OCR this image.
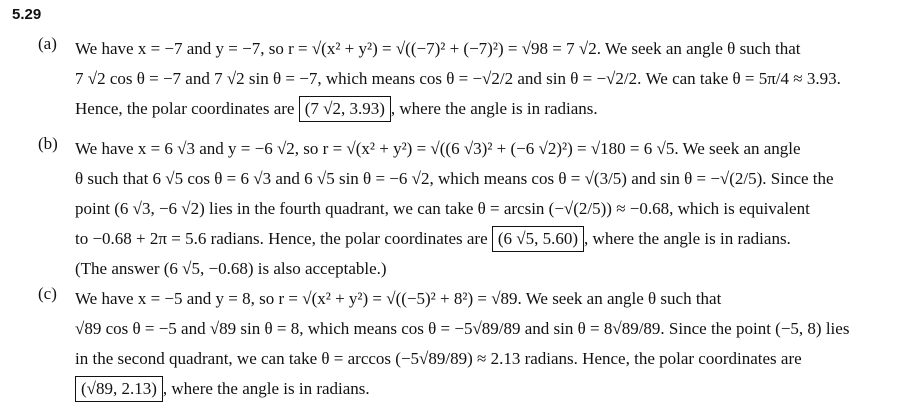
5.29
(a) We have x = −7 and y = −7, so r = √(x² + y²) = √((−7)² + (−7)²) = √98 = 7 √2. We seek an angle θ such that
7 √2 cos θ = −7 and 7 √2 sin θ = −7, which means cos θ = −√2/2 and sin θ = −√2/2. We can take θ = 5π/4 ≈ 3.93.
Hence, the polar coordinates are (7 √2, 3.93) , where the angle is in radians.
(b) We have x = 6 √3 and y = −6 √2, so r = √(x² + y²) = √((6 √3)² + (−6 √2)²) = √180 = 6 √5. We seek an angle
θ such that 6 √5 cos θ = 6 √3 and 6 √5 sin θ = −6 √2, which means cos θ = √(3/5) and sin θ = −√(2/5). Since the
point (6 √3, −6 √2) lies in the fourth quadrant, we can take θ = arcsin (−√(2/5)) ≈ −0.68, which is equivalent
to −0.68 + 2π = 5.6 radians. Hence, the polar coordinates are (6 √5, 5.60) , where the angle is in radians.
(The answer (6 √5, −0.68) is also acceptable.)
(c) We have x = −5 and y = 8, so r = √(x² + y²) = √((−5)² + 8²) = √89. We seek an angle θ such that
√89 cos θ = −5 and √89 sin θ = 8, which means cos θ = −5√89/89 and sin θ = 8√89/89. Since the point (−5, 8) lies
in the second quadrant, we can take θ = arccos (−5√89/89) ≈ 2.13 radians. Hence, the polar coordinates are
(√89, 2.13) , where the angle is in radians.
